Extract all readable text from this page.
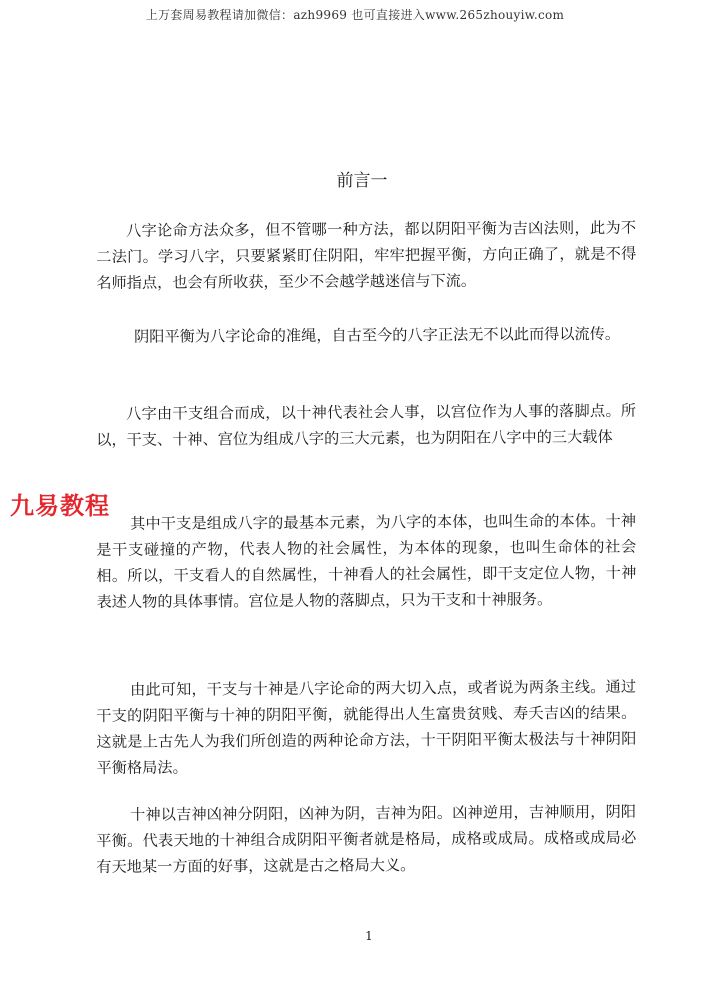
上万套周易教程请加微信：azh9969 也可直接进入www.265zhouyiw.com
前言一

八字论命方法众多，但不管哪一种方法，都以阴阳平衡为吉凶法则，此为不二法门。学习八字，只要紧紧盯住阴阳，牢牢把握平衡，方向正确了，就是不得名师指点，也会有所收获，至少不会越学越迷信与下流。

阴阳平衡为八字论命的准绳，自古至今的八字正法无不以此而得以流传。

八字由干支组合而成，以十神代表社会人事，以宫位作为人事的落脚点。所以，干支、十神、宫位为组成八字的三大元素，也为阴阳在八字中的三大载体

九易教程

其中干支是组成八字的最基本元素，为八字的本体，也叫生命的本体。十神是干支碰撞的产物，代表人物的社会属性，为本体的现象，也叫生命体的社会相。所以，干支看人的自然属性，十神看人的社会属性，即干支定位人物，十神表述人物的具体事情。宫位是人物的落脚点，只为干支和十神服务。

由此可知，干支与十神是八字论命的两大切入点，或者说为两条主线。通过干支的阴阳平衡与十神的阴阳平衡，就能得出人生富贵贫贱、寿夭吉凶的结果。这就是上古先人为我们所创造的两种论命方法，十干阴阳平衡太极法与十神阴阳平衡格局法。

十神以吉神凶神分阴阳，凶神为阴，吉神为阳。凶神逆用，吉神顺用，阴阳平衡。代表天地的十神组合成阴阳平衡者就是格局，成格或成局。成格或成局必有天地某一方面的好事，这就是古之格局大义。

1
